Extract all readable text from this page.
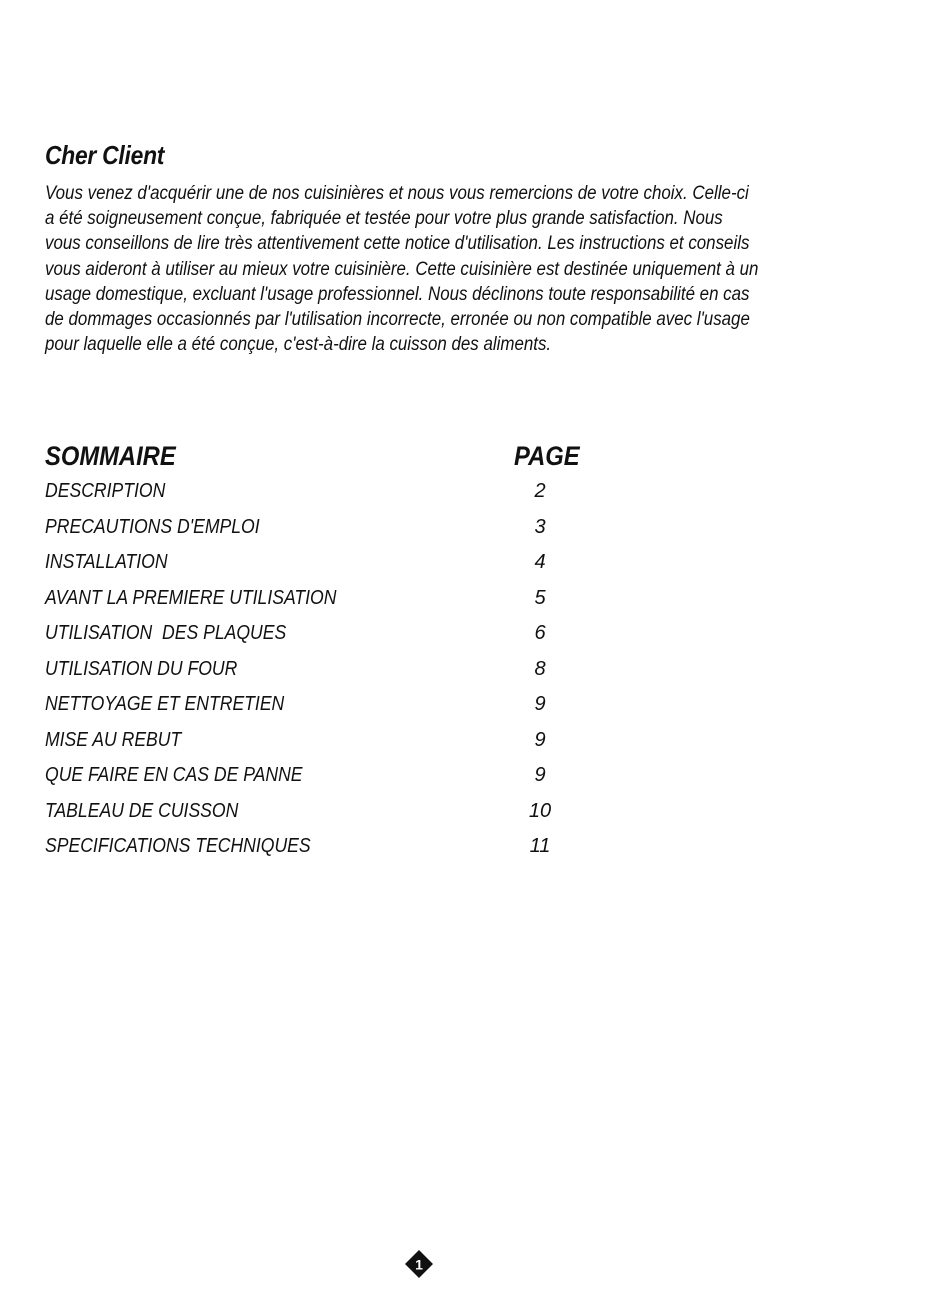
Cher Client

Vous venez d'acquérir une de nos cuisinières et nous vous remercions de votre choix. Celle-ci
a été soigneusement conçue, fabriquée et testée pour votre plus grande satisfaction. Nous
vous conseillons de lire très attentivement cette notice d'utilisation. Les instructions et conseils
vous aideront à utiliser au mieux votre cuisinière. Cette cuisinière est destinée uniquement à un
usage domestique, excluant l'usage professionnel. Nous déclinons toute responsabilité en cas
de dommages occasionnés par l'utilisation incorrecte, erronée ou non compatible avec l'usage
pour laquelle elle a été conçue, c'est-à-dire la cuisson des aliments.

SOMMAIRE	PAGE
DESCRIPTION	2
PRECAUTIONS D'EMPLOI	3
INSTALLATION	4
AVANT LA PREMIERE UTILISATION	5
UTILISATION  DES PLAQUES	6
UTILISATION DU FOUR	8
NETTOYAGE ET ENTRETIEN	9
MISE AU REBUT	9
QUE FAIRE EN CAS DE PANNE	9
TABLEAU DE CUISSON	10
SPECIFICATIONS TECHNIQUES	11
1
